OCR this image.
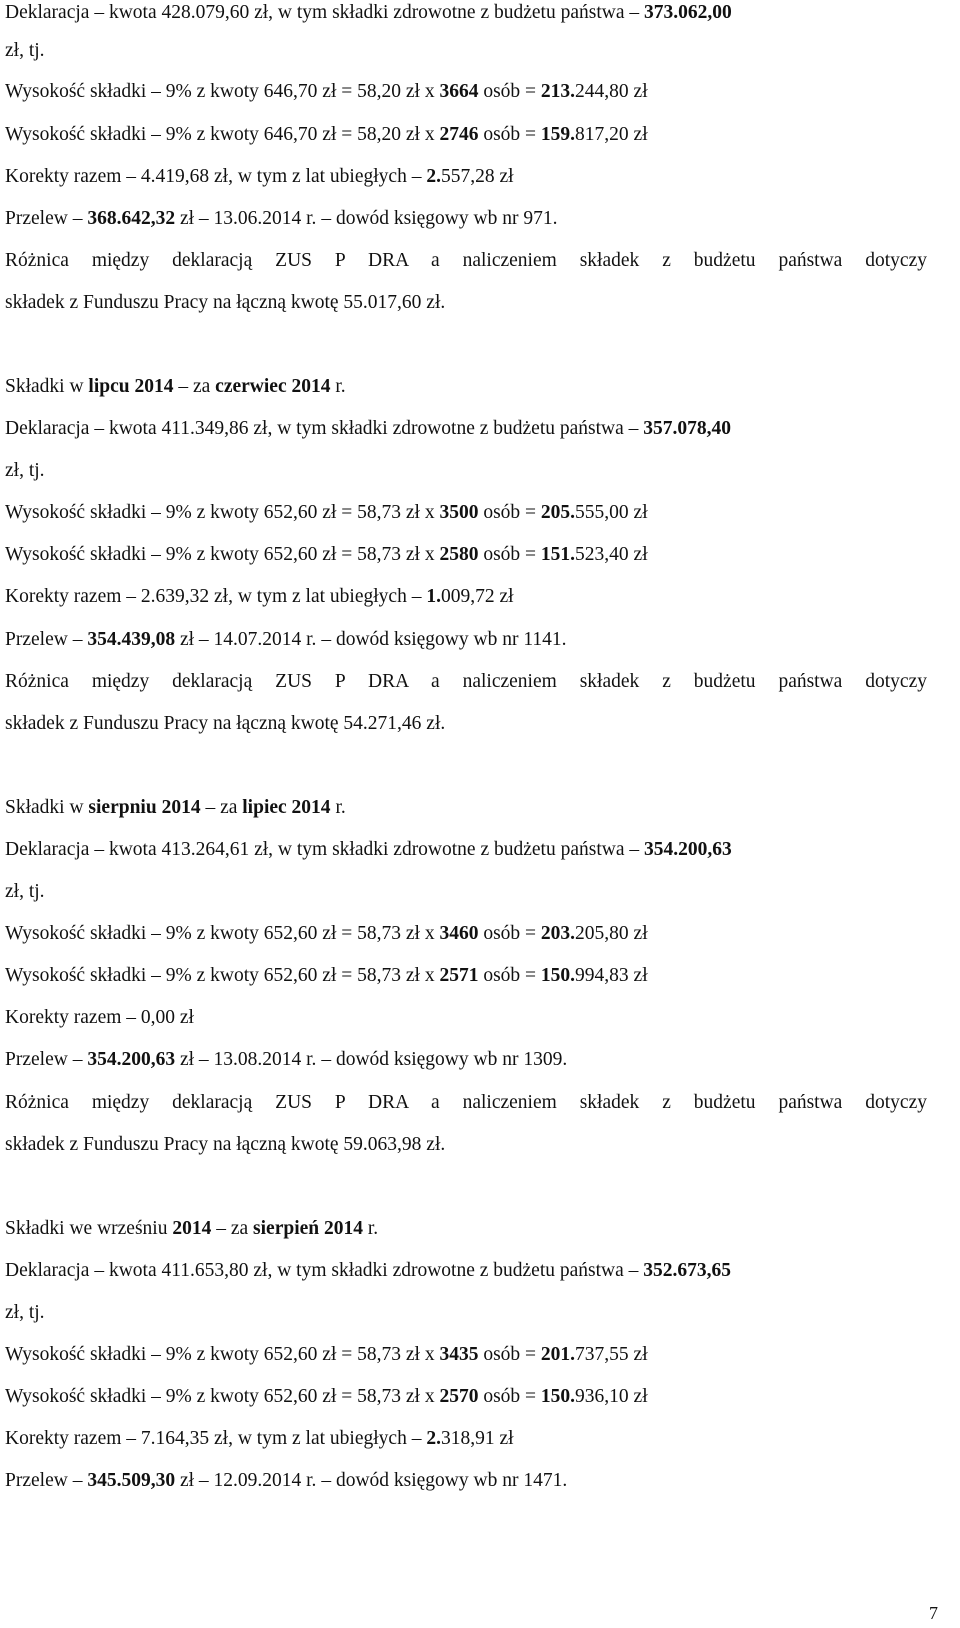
Deklaracja – kwota 428.079,60 zł, w tym składki zdrowotne z budżetu państwa – 373.062,00
zł, tj.
Wysokość składki – 9% z kwoty 646,70 zł = 58,20 zł x 3664 osób = 213.244,80 zł
Wysokość składki – 9% z kwoty 646,70 zł = 58,20 zł x 2746 osób = 159.817,20 zł
Korekty razem – 4.419,68 zł, w tym z lat ubiegłych – 2.557,28 zł
Przelew – 368.642,32 zł – 13.06.2014 r. – dowód księgowy wb nr 971.
Różnica między deklaracją ZUS P DRA a naliczeniem składek z budżetu państwa dotyczy
składek z Funduszu Pracy na łączną kwotę 55.017,60 zł.
Składki w lipcu 2014 – za czerwiec 2014 r.
Deklaracja – kwota 411.349,86 zł, w tym składki zdrowotne z budżetu państwa – 357.078,40
zł, tj.
Wysokość składki – 9% z kwoty 652,60 zł = 58,73 zł x 3500 osób = 205.555,00 zł
Wysokość składki – 9% z kwoty 652,60 zł = 58,73 zł x 2580 osób = 151.523,40 zł
Korekty razem – 2.639,32 zł, w tym z lat ubiegłych – 1.009,72 zł
Przelew – 354.439,08 zł – 14.07.2014 r. – dowód księgowy wb nr 1141.
Różnica między deklaracją ZUS P DRA a naliczeniem składek z budżetu państwa dotyczy
składek z Funduszu Pracy na łączną kwotę 54.271,46 zł.
Składki w sierpniu 2014 – za lipiec 2014 r.
Deklaracja – kwota 413.264,61 zł, w tym składki zdrowotne z budżetu państwa – 354.200,63
zł, tj.
Wysokość składki – 9% z kwoty 652,60 zł = 58,73 zł x 3460 osób = 203.205,80 zł
Wysokość składki – 9% z kwoty 652,60 zł = 58,73 zł x 2571 osób = 150.994,83 zł
Korekty razem – 0,00 zł
Przelew – 354.200,63 zł – 13.08.2014 r. – dowód księgowy wb nr 1309.
Różnica między deklaracją ZUS P DRA a naliczeniem składek z budżetu państwa dotyczy
składek z Funduszu Pracy na łączną kwotę 59.063,98 zł.
Składki we wrześniu 2014 – za sierpień 2014 r.
Deklaracja – kwota 411.653,80 zł, w tym składki zdrowotne z budżetu państwa – 352.673,65
zł, tj.
Wysokość składki – 9% z kwoty 652,60 zł = 58,73 zł x 3435 osób = 201.737,55 zł
Wysokość składki – 9% z kwoty 652,60 zł = 58,73 zł x 2570 osób = 150.936,10 zł
Korekty razem – 7.164,35 zł, w tym z lat ubiegłych – 2.318,91 zł
Przelew – 345.509,30 zł – 12.09.2014 r. – dowód księgowy wb nr 1471.
7
